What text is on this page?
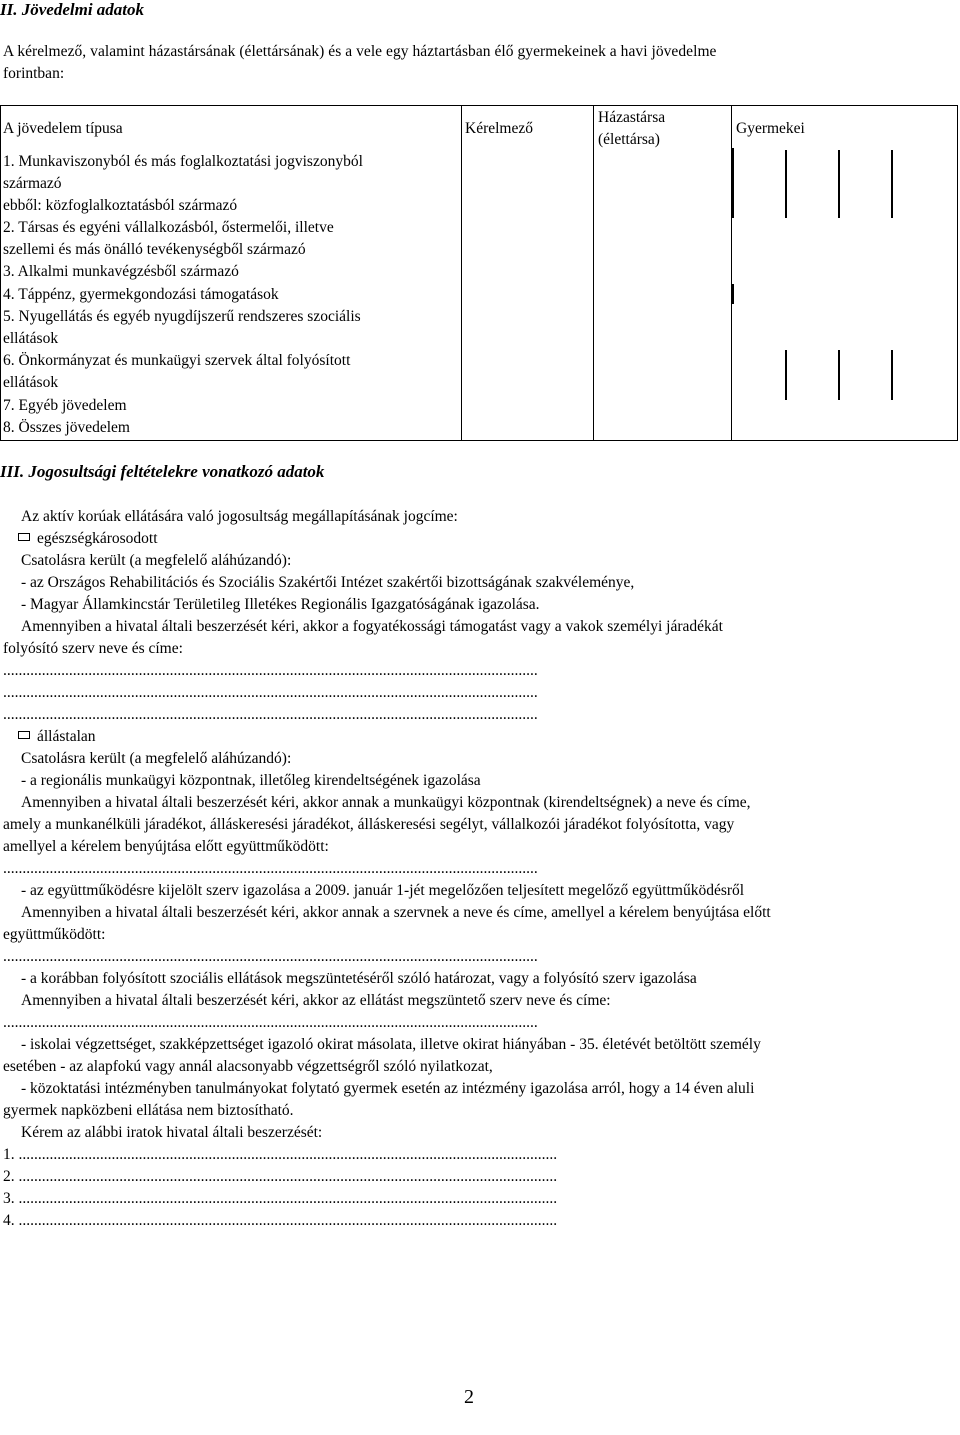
II. Jövedelmi adatok
A kérelmező, valamint házastársának (élettársának) és a vele egy háztartásban élő gyermekeinek a havi jövedelme
forintban:
A jövedelem típusa	Kérelmező
Házastársa
(élettársa)
Gyermekei
1. Munkaviszonyból és más foglalkoztatási jogviszonyból
származó
ebből: közfoglalkoztatásból származó
2. Társas és egyéni vállalkozásból, őstermelői, illetve
szellemi és más önálló tevékenységből származó
3. Alkalmi munkavégzésből származó
4. Táppénz, gyermekgondozási támogatások
5. Nyugellátás és egyéb nyugdíjszerű rendszeres szociális
ellátások
6. Önkormányzat és munkaügyi szervek által folyósított
ellátások
7. Egyéb jövedelem
8. Összes jövedelem
III. Jogosultsági feltételekre vonatkozó adatok
Az aktív korúak ellátására való jogosultság megállapításának jogcíme:
egészségkárosodott
Csatolásra került (a megfelelő aláhúzandó):
- az Országos Rehabilitációs és Szociális Szakértői Intézet szakértői bizottságának szakvéleménye,
- Magyar Államkincstár Területileg Illetékes Regionális Igazgatóságának igazolása.
Amennyiben a hivatal általi beszerzését kéri, akkor a fogyatékossági támogatást vagy a vakok személyi járadékát
folyósító szerv neve és címe:
..........................................................................................................................................
..........................................................................................................................................
..........................................................................................................................................
állástalan
Csatolásra került (a megfelelő aláhúzandó):
- a regionális munkaügyi központnak, illetőleg kirendeltségének igazolása
Amennyiben a hivatal általi beszerzését kéri, akkor annak a munkaügyi központnak (kirendeltségnek) a neve és címe,
amely a munkanélküli járadékot, álláskeresési járadékot, álláskeresési segélyt, vállalkozói járadékot folyósította, vagy
amellyel a kérelem benyújtása előtt együttműködött:
..........................................................................................................................................
- az együttműködésre kijelölt szerv igazolása a 2009. január 1-jét megelőzően teljesített megelőző együttműködésről
Amennyiben a hivatal általi beszerzését kéri, akkor annak a szervnek a neve és címe, amellyel a kérelem benyújtása előtt
együttműködött:
..........................................................................................................................................
- a korábban folyósított szociális ellátások megszüntetéséről szóló határozat, vagy a folyósító szerv igazolása
Amennyiben a hivatal általi beszerzését kéri, akkor az ellátást megszüntető szerv neve és címe:
..........................................................................................................................................
- iskolai végzettséget, szakképzettséget igazoló okirat másolata, illetve okirat hiányában - 35. életévét betöltött személy
esetében - az alapfokú vagy annál alacsonyabb végzettségről szóló nyilatkozat,
- közoktatási intézményben tanulmányokat folytató gyermek esetén az intézmény igazolása arról, hogy a 14 éven aluli
gyermek napközbeni ellátása nem biztosítható.
Kérem az alábbi iratok hivatal általi beszerzését:
1. ...........................................................................................................................................
2. ...........................................................................................................................................
3. ...........................................................................................................................................
4. ...........................................................................................................................................
2
